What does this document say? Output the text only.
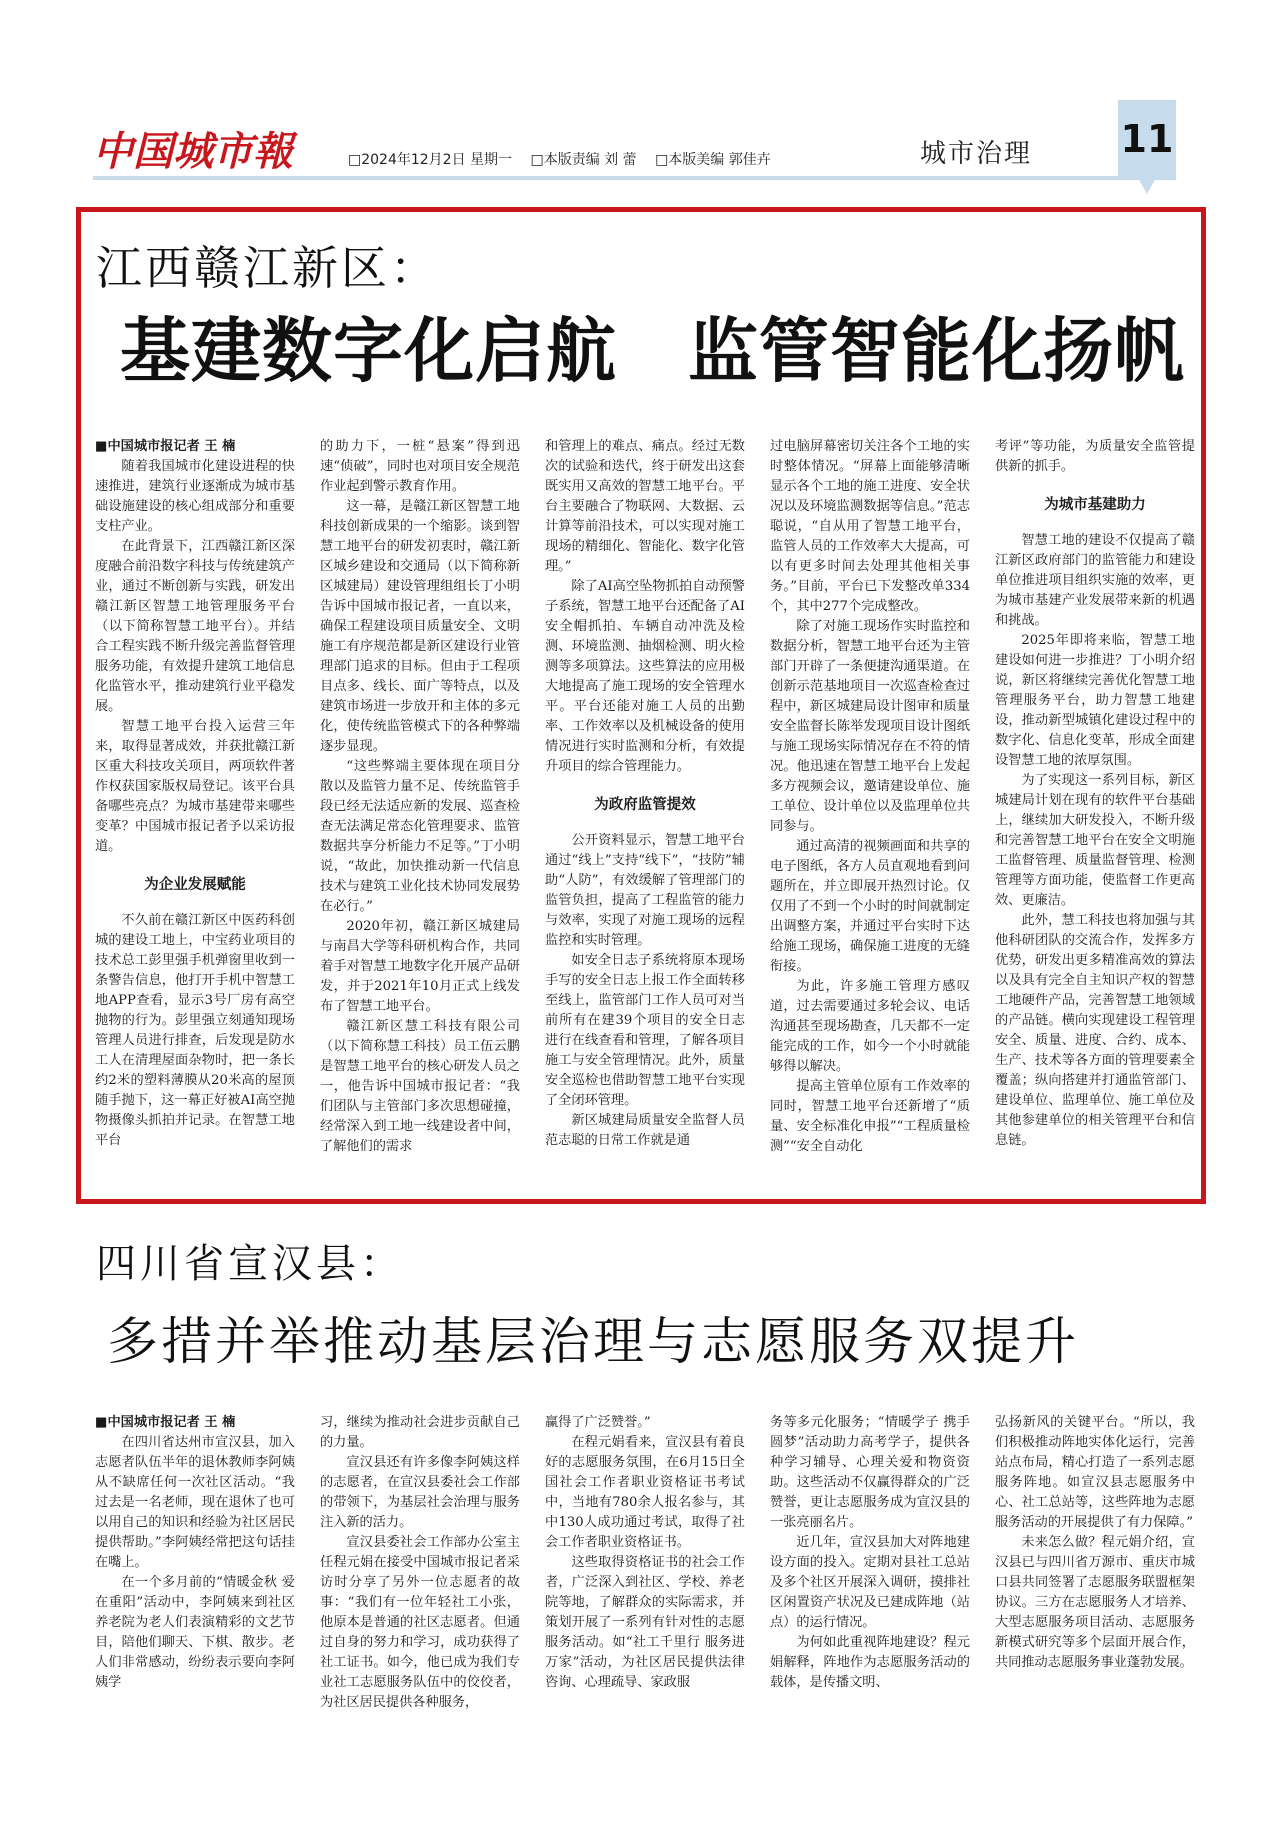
中国城市報	□2024年12月2日 星期一 □本版责编 刘 蕾 □本版美编 郭佳卉	城市治理 11
江西赣江新区：
基建数字化启航　监管智能化扬帆

■ 中国城市报记者 王 楠

随着我国城市化建设进程的快速推进，建筑行业逐渐成为城市基础设施建设的核心组成部分和重要支柱产业。

在此背景下，江西赣江新区深度融合前沿数字科技与传统建筑产业，通过不断创新与实践，研发出赣江新区智慧工地管理服务平台（以下简称智慧工地平台）。并结合工程实践不断升级完善监督管理服务功能，有效提升建筑工地信息化监管水平，推动建筑行业平稳发展。

智慧工地平台投入运营三年来，取得显著成效，并获批赣江新区重大科技攻关项目，两项软件著作权获国家版权局登记。该平台具备哪些亮点？为城市基建带来哪些变革？中国城市报记者予以采访报道。

为企业发展赋能

不久前在赣江新区中医药科创城的建设工地上，中宝药业项目的技术总工彭里强手机弹窗里收到一条警告信息，他打开手机中智慧工地APP查看，显示3号厂房有高空抛物的行为。彭里强立刻通知现场管理人员进行排查，后发现是防水工人在清理屋面杂物时，把一条长约2米的塑料薄膜从20米高的屋顶随手抛下，这一幕正好被AI高空抛物摄像头抓拍并记录。在智慧工地平台

的助力下，一桩“悬案”得到迅速“侦破”，同时也对项目安全规范作业起到警示教育作用。

这一幕，是赣江新区智慧工地科技创新成果的一个缩影。谈到智慧工地平台的研发初衷时，赣江新区城乡建设和交通局（以下简称新区城建局）建设管理组组长丁小明告诉中国城市报记者，一直以来，确保工程建设项目质量安全、文明施工有序规范都是新区建设行业管理部门追求的目标。但由于工程项目点多、线长、面广等特点，以及建筑市场进一步放开和主体的多元化，使传统监管模式下的各种弊端逐步显现。

“这些弊端主要体现在项目分散以及监管力量不足、传统监管手段已经无法适应新的发展、巡查检查无法满足常态化管理要求、监管数据共享分析能力不足等。”丁小明说，“故此，加快推动新一代信息技术与建筑工业化技术协同发展势在必行。”

2020年初，赣江新区城建局与南昌大学等科研机构合作，共同着手对智慧工地数字化开展产品研发，并于2021年10月正式上线发布了智慧工地平台。

赣江新区慧工科技有限公司（以下简称慧工科技）员工伍云鹏是智慧工地平台的核心研发人员之一，他告诉中国城市报记者：“我们团队与主管部门多次思想碰撞，经常深入到工地一线建设者中间，了解他们的需求

和管理上的难点、痛点。经过无数次的试验和迭代，终于研发出这套既实用又高效的智慧工地平台。平台主要融合了物联网、大数据、云计算等前沿技术，可以实现对施工现场的精细化、智能化、数字化管理。”

除了AI高空坠物抓拍自动预警子系统，智慧工地平台还配备了AI安全帽抓拍、车辆自动冲洗及检测、环境监测、抽烟检测、明火检测等多项算法。这些算法的应用极大地提高了施工现场的安全管理水平。平台还能对施工人员的出勤率、工作效率以及机械设备的使用情况进行实时监测和分析，有效提升项目的综合管理能力。

为政府监管提效

公开资料显示，智慧工地平台通过“线上”支持“线下”，“技防”辅助“人防”，有效缓解了管理部门的监管负担，提高了工程监管的能力与效率，实现了对施工现场的远程监控和实时管理。

如安全日志子系统将原本现场手写的安全日志上报工作全面转移至线上，监管部门工作人员可对当前所有在建39个项目的安全日志进行在线查看和管理，了解各项目施工与安全管理情况。此外，质量安全巡检也借助智慧工地平台实现了全闭环管理。

新区城建局质量安全监督人员范志聪的日常工作就是通

过电脑屏幕密切关注各个工地的实时整体情况。“屏幕上面能够清晰显示各个工地的施工进度、安全状况以及环境监测数据等信息。”范志聪说，“自从用了智慧工地平台，监管人员的工作效率大大提高，可以有更多时间去处理其他相关事务。”目前，平台已下发整改单334个，其中277个完成整改。

除了对施工现场作实时监控和数据分析，智慧工地平台还为主管部门开辟了一条便捷沟通渠道。在创新示范基地项目一次巡查检查过程中，新区城建局设计图审和质量安全监督长陈举发现项目设计图纸与施工现场实际情况存在不符的情况。他迅速在智慧工地平台上发起多方视频会议，邀请建设单位、施工单位、设计单位以及监理单位共同参与。

通过高清的视频画面和共享的电子图纸，各方人员直观地看到问题所在，并立即展开热烈讨论。仅仅用了不到一个小时的时间就制定出调整方案，并通过平台实时下达给施工现场，确保施工进度的无缝衔接。

为此，许多施工管理方感叹道，过去需要通过多轮会议、电话沟通甚至现场勘查，几天都不一定能完成的工作，如今一个小时就能够得以解决。

提高主管单位原有工作效率的同时，智慧工地平台还新增了“质量、安全标准化申报”“工程质量检测”“安全自动化

考评”等功能，为质量安全监管提供新的抓手。

为城市基建助力

智慧工地的建设不仅提高了赣江新区政府部门的监管能力和建设单位推进项目组织实施的效率，更为城市基建产业发展带来新的机遇和挑战。

2025年即将来临，智慧工地建设如何进一步推进？丁小明介绍说，新区将继续完善优化智慧工地管理服务平台，助力智慧工地建设，推动新型城镇化建设过程中的数字化、信息化变革，形成全面建设智慧工地的浓厚氛围。

为了实现这一系列目标，新区城建局计划在现有的软件平台基础上，继续加大研发投入，不断升级和完善智慧工地平台在安全文明施工监督管理、质量监督管理、检测管理等方面功能，使监督工作更高效、更廉洁。

此外，慧工科技也将加强与其他科研团队的交流合作，发挥多方优势，研发出更多精准高效的算法以及具有完全自主知识产权的智慧工地硬件产品，完善智慧工地领域的产品链。横向实现建设工程管理安全、质量、进度、合约、成本、生产、技术等各方面的管理要素全覆盖；纵向搭建并打通监管部门、建设单位、监理单位、施工单位及其他参建单位的相关管理平台和信息链。

四川省宣汉县：
多措并举推动基层治理与志愿服务双提升

■ 中国城市报记者 王 楠

在四川省达州市宣汉县，加入志愿者队伍半年的退休教师李阿姨从不缺席任何一次社区活动。“我过去是一名老师，现在退休了也可以用自己的知识和经验为社区居民提供帮助。”李阿姨经常把这句话挂在嘴上。

在一个多月前的“情暖金秋 爱在重阳”活动中，李阿姨来到社区养老院为老人们表演精彩的文艺节目，陪他们聊天、下棋、散步。老人们非常感动，纷纷表示要向李阿姨学

习，继续为推动社会进步贡献自己的力量。

宣汉县还有许多像李阿姨这样的志愿者，在宣汉县委社会工作部的带领下，为基层社会治理与服务注入新的活力。

宣汉县委社会工作部办公室主任程元娟在接受中国城市报记者采访时分享了另外一位志愿者的故事：“我们有一位年轻社工小张，他原本是普通的社区志愿者。但通过自身的努力和学习，成功获得了社工证书。如今，他已成为我们专业社工志愿服务队伍中的佼佼者，为社区居民提供各种服务，

赢得了广泛赞誉。”

在程元娟看来，宣汉县有着良好的志愿服务氛围，在6月15日全国社会工作者职业资格证书考试中，当地有780余人报名参与，其中130人成功通过考试，取得了社会工作者职业资格证书。

这些取得资格证书的社会工作者，广泛深入到社区、学校、养老院等地，了解群众的实际需求，并策划开展了一系列有针对性的志愿服务活动。如“社工千里行 服务进万家”活动，为社区居民提供法律咨询、心理疏导、家政服

务等多元化服务；“情暖学子 携手圆梦”活动助力高考学子，提供各种学习辅导、心理关爱和物资资助。这些活动不仅赢得群众的广泛赞誉，更让志愿服务成为宣汉县的一张亮丽名片。

近几年，宣汉县加大对阵地建设方面的投入。定期对县社工总站及多个社区开展深入调研，摸排社区闲置资产状况及已建成阵地（站点）的运行情况。

为何如此重视阵地建设？程元娟解释，阵地作为志愿服务活动的载体，是传播文明、

弘扬新风的关键平台。“所以，我们积极推动阵地实体化运行，完善站点布局，精心打造了一系列志愿服务阵地。如宣汉县志愿服务中心、社工总站等，这些阵地为志愿服务活动的开展提供了有力保障。”

未来怎么做？程元娟介绍，宣汉县已与四川省万源市、重庆市城口县共同签署了志愿服务联盟框架协议。三方在志愿服务人才培养、大型志愿服务项目活动、志愿服务新模式研究等多个层面开展合作，共同推动志愿服务事业蓬勃发展。
